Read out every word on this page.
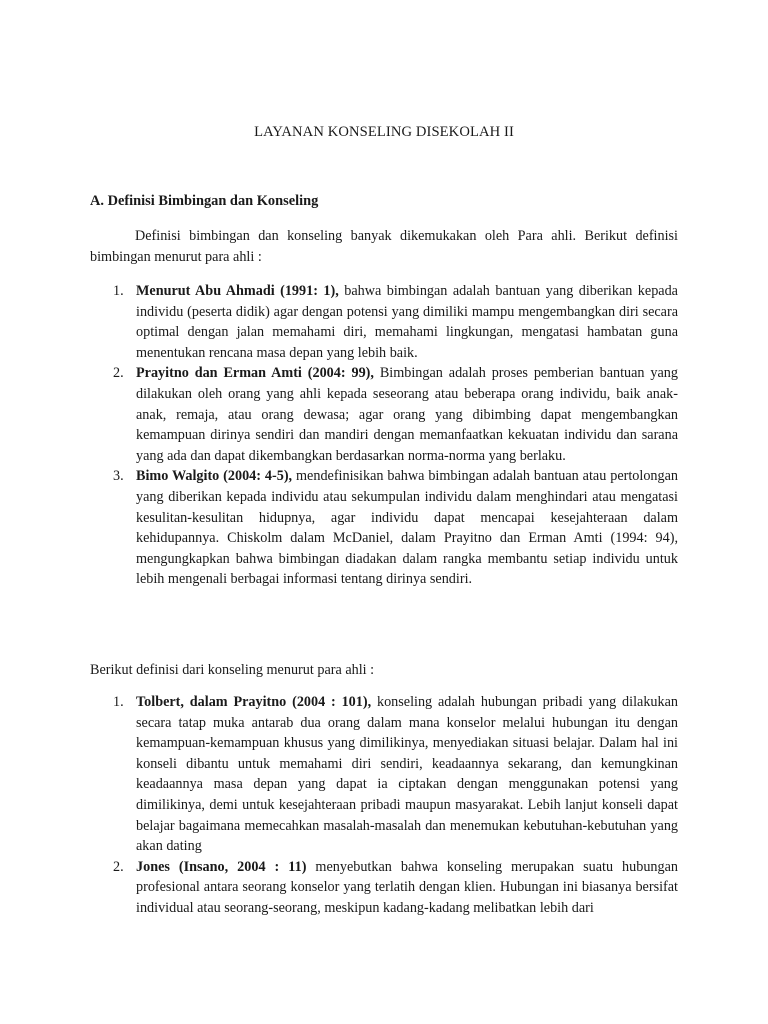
LAYANAN KONSELING DISEKOLAH II
A. Definisi Bimbingan dan Konseling

Definisi bimbingan dan konseling banyak dikemukakan oleh Para ahli. Berikut definisi bimbingan menurut para ahli :

1. Menurut Abu Ahmadi (1991: 1), bahwa bimbingan adalah bantuan yang diberikan kepada individu (peserta didik) agar dengan potensi yang dimiliki mampu mengembangkan diri secara optimal dengan jalan memahami diri, memahami lingkungan, mengatasi hambatan guna menentukan rencana masa depan yang lebih baik.
2. Prayitno dan Erman Amti (2004: 99), Bimbingan adalah proses pemberian bantuan yang dilakukan oleh orang yang ahli kepada seseorang atau beberapa orang individu, baik anak-anak, remaja, atau orang dewasa; agar orang yang dibimbing dapat mengembangkan kemampuan dirinya sendiri dan mandiri dengan memanfaatkan kekuatan individu dan sarana yang ada dan dapat dikembangkan berdasarkan norma-norma yang berlaku.
3. Bimo Walgito (2004: 4-5), mendefinisikan bahwa bimbingan adalah bantuan atau pertolongan yang diberikan kepada individu atau sekumpulan individu dalam menghindari atau mengatasi kesulitan-kesulitan hidupnya, agar individu dapat mencapai kesejahteraan dalam kehidupannya. Chiskolm dalam McDaniel, dalam Prayitno dan Erman Amti (1994: 94), mengungkapkan bahwa bimbingan diadakan dalam rangka membantu setiap individu untuk lebih mengenali berbagai informasi tentang dirinya sendiri.

Berikut definisi dari konseling menurut para ahli :

1. Tolbert, dalam Prayitno (2004 : 101), konseling adalah hubungan pribadi yang dilakukan secara tatap muka antarab dua orang dalam mana konselor melalui hubungan itu dengan kemampuan-kemampuan khusus yang dimilikinya, menyediakan situasi belajar. Dalam hal ini konseli dibantu untuk memahami diri sendiri, keadaannya sekarang, dan kemungkinan keadaannya masa depan yang dapat ia ciptakan dengan menggunakan potensi yang dimilikinya, demi untuk kesejahteraan pribadi maupun masyarakat. Lebih lanjut konseli dapat belajar bagaimana memecahkan masalah-masalah dan menemukan kebutuhan-kebutuhan yang akan dating
2. Jones (Insano, 2004 : 11) menyebutkan bahwa konseling merupakan suatu hubungan profesional antara seorang konselor yang terlatih dengan klien. Hubungan ini biasanya bersifat individual atau seorang-seorang, meskipun kadang-kadang melibatkan lebih dari
